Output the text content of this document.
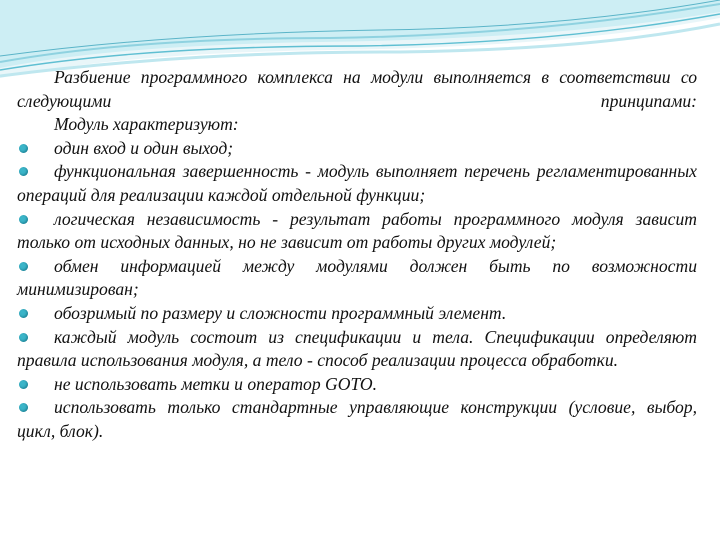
Разбиение программного комплекса на модули выполняется в соответствии со следующими принципами:

Модуль характеризуют:

один вход и один выход;

функциональная завершенность - модуль выполняет перечень регламентированных операций для реализации каждой отдельной функции;

логическая независимость - результат работы программного модуля зависит только от исходных данных, но не зависит от работы других модулей;

обмен информацией между модулями должен быть по возможности минимизирован;

обозримый по размеру и сложности программный элемент.

каждый модуль состоит из спецификации и тела. Спецификации определяют правила использования модуля, а тело - способ реализации процесса обработки.

не использовать метки и оператор GOTO.

использовать только стандартные управляющие конструкции (условие, выбор, цикл, блок).
